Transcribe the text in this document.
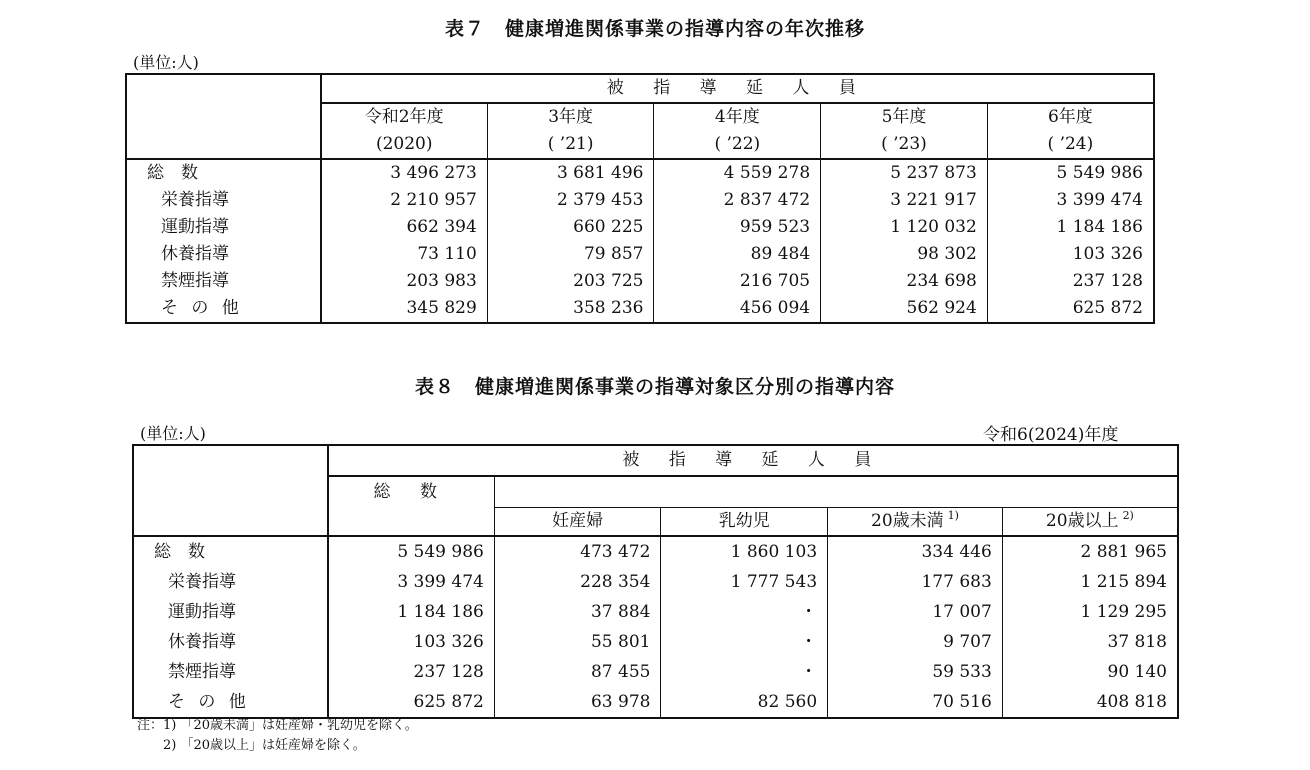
表７　健康増進関係事業の指導内容の年次推移
(単位:人)
	被 指 導 延 人 員				
	令和2年度	3年度	4年度	5年度	6年度
	(2020)	( ’21)	( ’22)	( ’23)	( ’24)
総　数	3 496 273	3 681 496	4 559 278	5 237 873	5 549 986
栄養指導	2 210 957	2 379 453	2 837 472	3 221 917	3 399 474
運動指導	662 394	660 225	959 523	1 120 032	1 184 186
休養指導	73 110	79 857	89 484	98 302	103 326
禁煙指導	203 983	203 725	216 705	234 698	237 128
そ の 他	345 829	358 236	456 094	562 924	625 872
表８　健康増進関係事業の指導対象区分別の指導内容
(単位:人)	令和6(2024)年度
	被 指 導 延 人 員				
	総 数				
		妊産婦	乳幼児	20歳未満 $^{1)}$	20歳以上 $^{2)}$
総　数	5 549 986	473 472	1 860 103	334 446	2 881 965
栄養指導	3 399 474	228 354	1 777 543	177 683	1 215 894
運動指導	1 184 186	37 884	・	17 007	1 129 295
休養指導	103 326	55 801	・	9 707	37 818
禁煙指導	237 128	87 455	・	59 533	90 140
そ の 他	625 872	63 978	82 560	70 516	408 818
注：1) 「20歳未満」は妊産婦・乳幼児を除く。
　　2) 「20歳以上」は妊産婦を除く。
